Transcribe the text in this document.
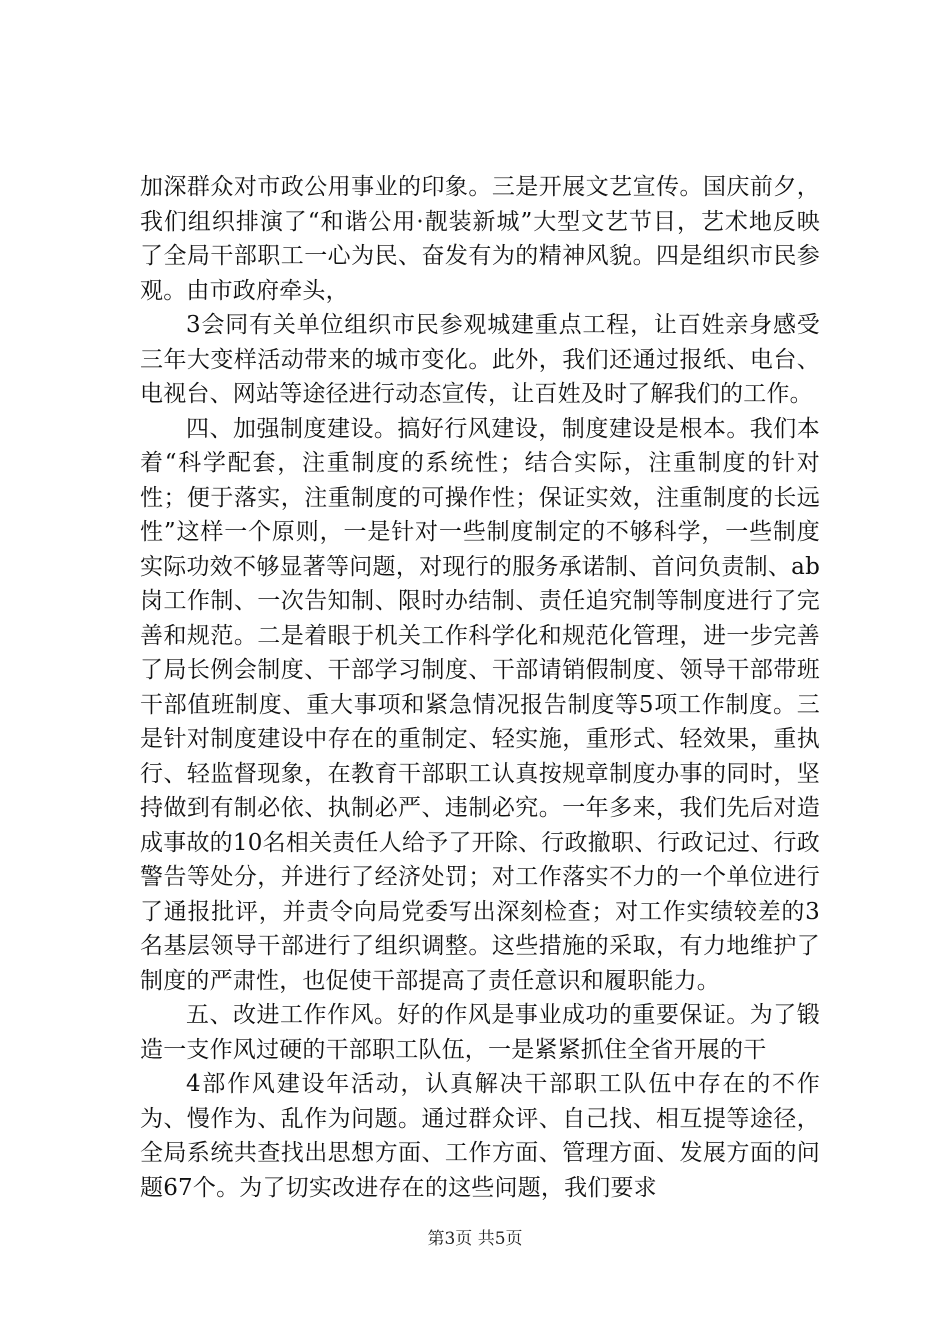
加深群众对市政公用事业的印象。三是开展文艺宣传。国庆前夕，我们组织排演了“和谐公用·靓装新城”大型文艺节目，艺术地反映了全局干部职工一心为民、奋发有为的精神风貌。四是组织市民参观。由市政府牵头，

3会同有关单位组织市民参观城建重点工程，让百姓亲身感受三年大变样活动带来的城市变化。此外，我们还通过报纸、电台、电视台、网站等途径进行动态宣传，让百姓及时了解我们的工作。

四、加强制度建设。搞好行风建设，制度建设是根本。我们本着“科学配套，注重制度的系统性；结合实际，注重制度的针对性；便于落实，注重制度的可操作性；保证实效，注重制度的长远性”这样一个原则，一是针对一些制度制定的不够科学，一些制度实际功效不够显著等问题，对现行的服务承诺制、首问负责制、ab岗工作制、一次告知制、限时办结制、责任追究制等制度进行了完善和规范。二是着眼于机关工作科学化和规范化管理，进一步完善了局长例会制度、干部学习制度、干部请销假制度、领导干部带班干部值班制度、重大事项和紧急情况报告制度等5项工作制度。三是针对制度建设中存在的重制定、轻实施，重形式、轻效果，重执行、轻监督现象，在教育干部职工认真按规章制度办事的同时，坚持做到有制必依、执制必严、违制必究。一年多来，我们先后对造成事故的10名相关责任人给予了开除、行政撤职、行政记过、行政警告等处分，并进行了经济处罚；对工作落实不力的一个单位进行了通报批评，并责令向局党委写出深刻检查；对工作实绩较差的3名基层领导干部进行了组织调整。这些措施的采取，有力地维护了制度的严肃性，也促使干部提高了责任意识和履职能力。

五、改进工作作风。好的作风是事业成功的重要保证。为了锻造一支作风过硬的干部职工队伍，一是紧紧抓住全省开展的干

4部作风建设年活动，认真解决干部职工队伍中存在的不作为、慢作为、乱作为问题。通过群众评、自己找、相互提等途径，全局系统共查找出思想方面、工作方面、管理方面、发展方面的问题67个。为了切实改进存在的这些问题，我们要求

第3页 共5页
